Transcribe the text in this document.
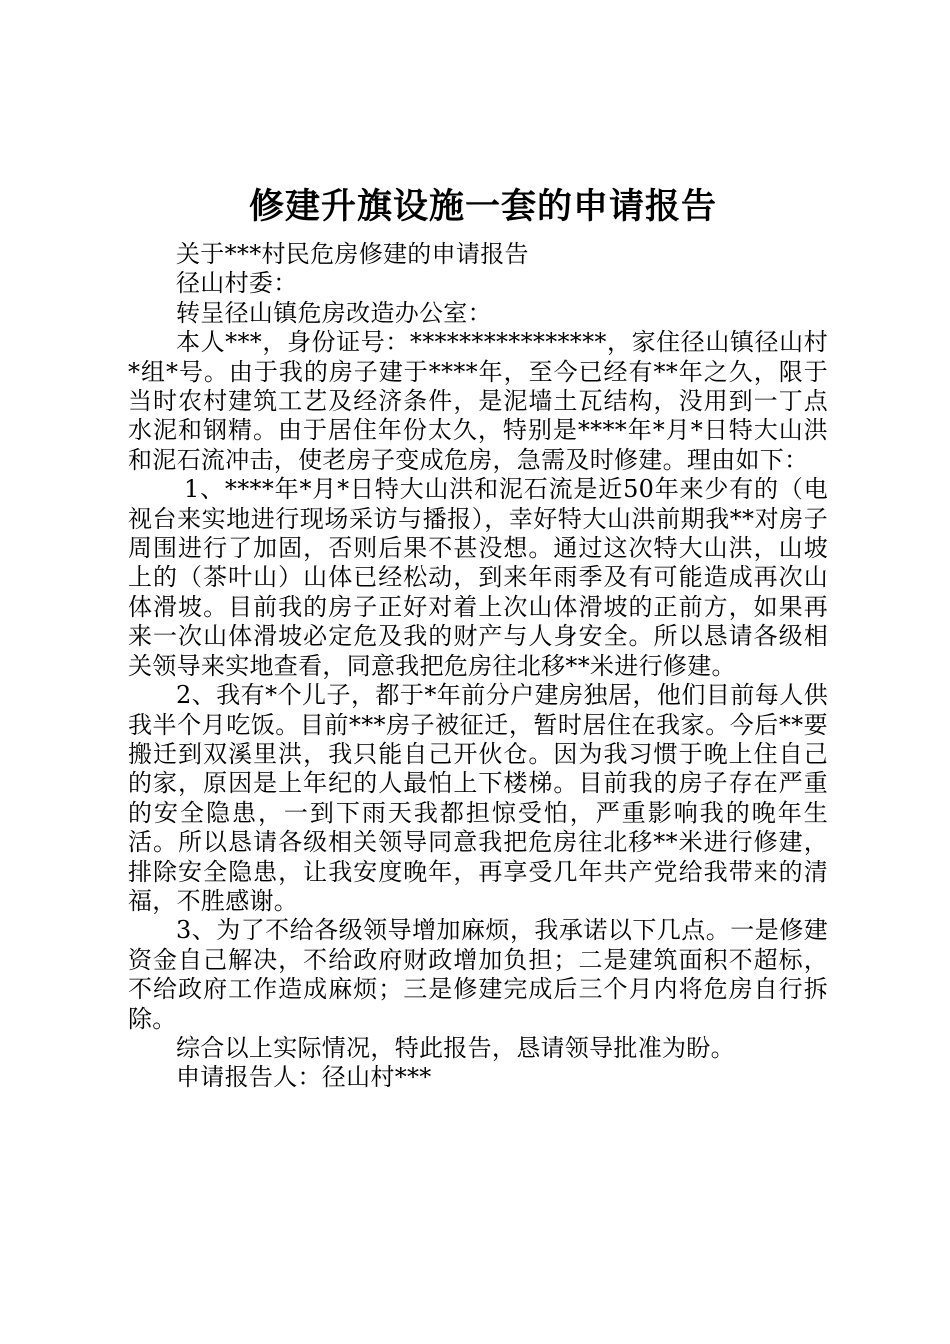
修建升旗设施一套的申请报告

关于***村民危房修建的申请报告

径山村委：

转呈径山镇危房改造办公室：

本人***，身份证号：****************，家住径山镇径山村*组*号。由于我的房子建于****年，至今已经有**年之久，限于当时农村建筑工艺及经济条件，是泥墙土瓦结构，没用到一丁点水泥和钢精。由于居住年份太久，特别是****年*月*日特大山洪和泥石流冲击，使老房子变成危房，急需及时修建。理由如下：

1、****年*月*日特大山洪和泥石流是近50年来少有的（电视台来实地进行现场采访与播报），幸好特大山洪前期我**对房子周围进行了加固，否则后果不甚没想。通过这次特大山洪，山坡上的（茶叶山）山体已经松动，到来年雨季及有可能造成再次山体滑坡。目前我的房子正好对着上次山体滑坡的正前方，如果再来一次山体滑坡必定危及我的财产与人身安全。所以恳请各级相关领导来实地查看，同意我把危房往北移**米进行修建。

2、我有*个儿子，都于*年前分户建房独居，他们目前每人供我半个月吃饭。目前***房子被征迁，暂时居住在我家。今后**要搬迁到双溪里洪，我只能自己开伙仓。因为我习惯于晚上住自己的家，原因是上年纪的人最怕上下楼梯。目前我的房子存在严重的安全隐患，一到下雨天我都担惊受怕，严重影响我的晚年生活。所以恳请各级相关领导同意我把危房往北移**米进行修建，排除安全隐患，让我安度晚年，再享受几年共产党给我带来的清福，不胜感谢。

3、为了不给各级领导增加麻烦，我承诺以下几点。一是修建资金自己解决，不给政府财政增加负担；二是建筑面积不超标，不给政府工作造成麻烦；三是修建完成后三个月内将危房自行拆除。

综合以上实际情况，特此报告，恳请领导批准为盼。

申请报告人：径山村***
